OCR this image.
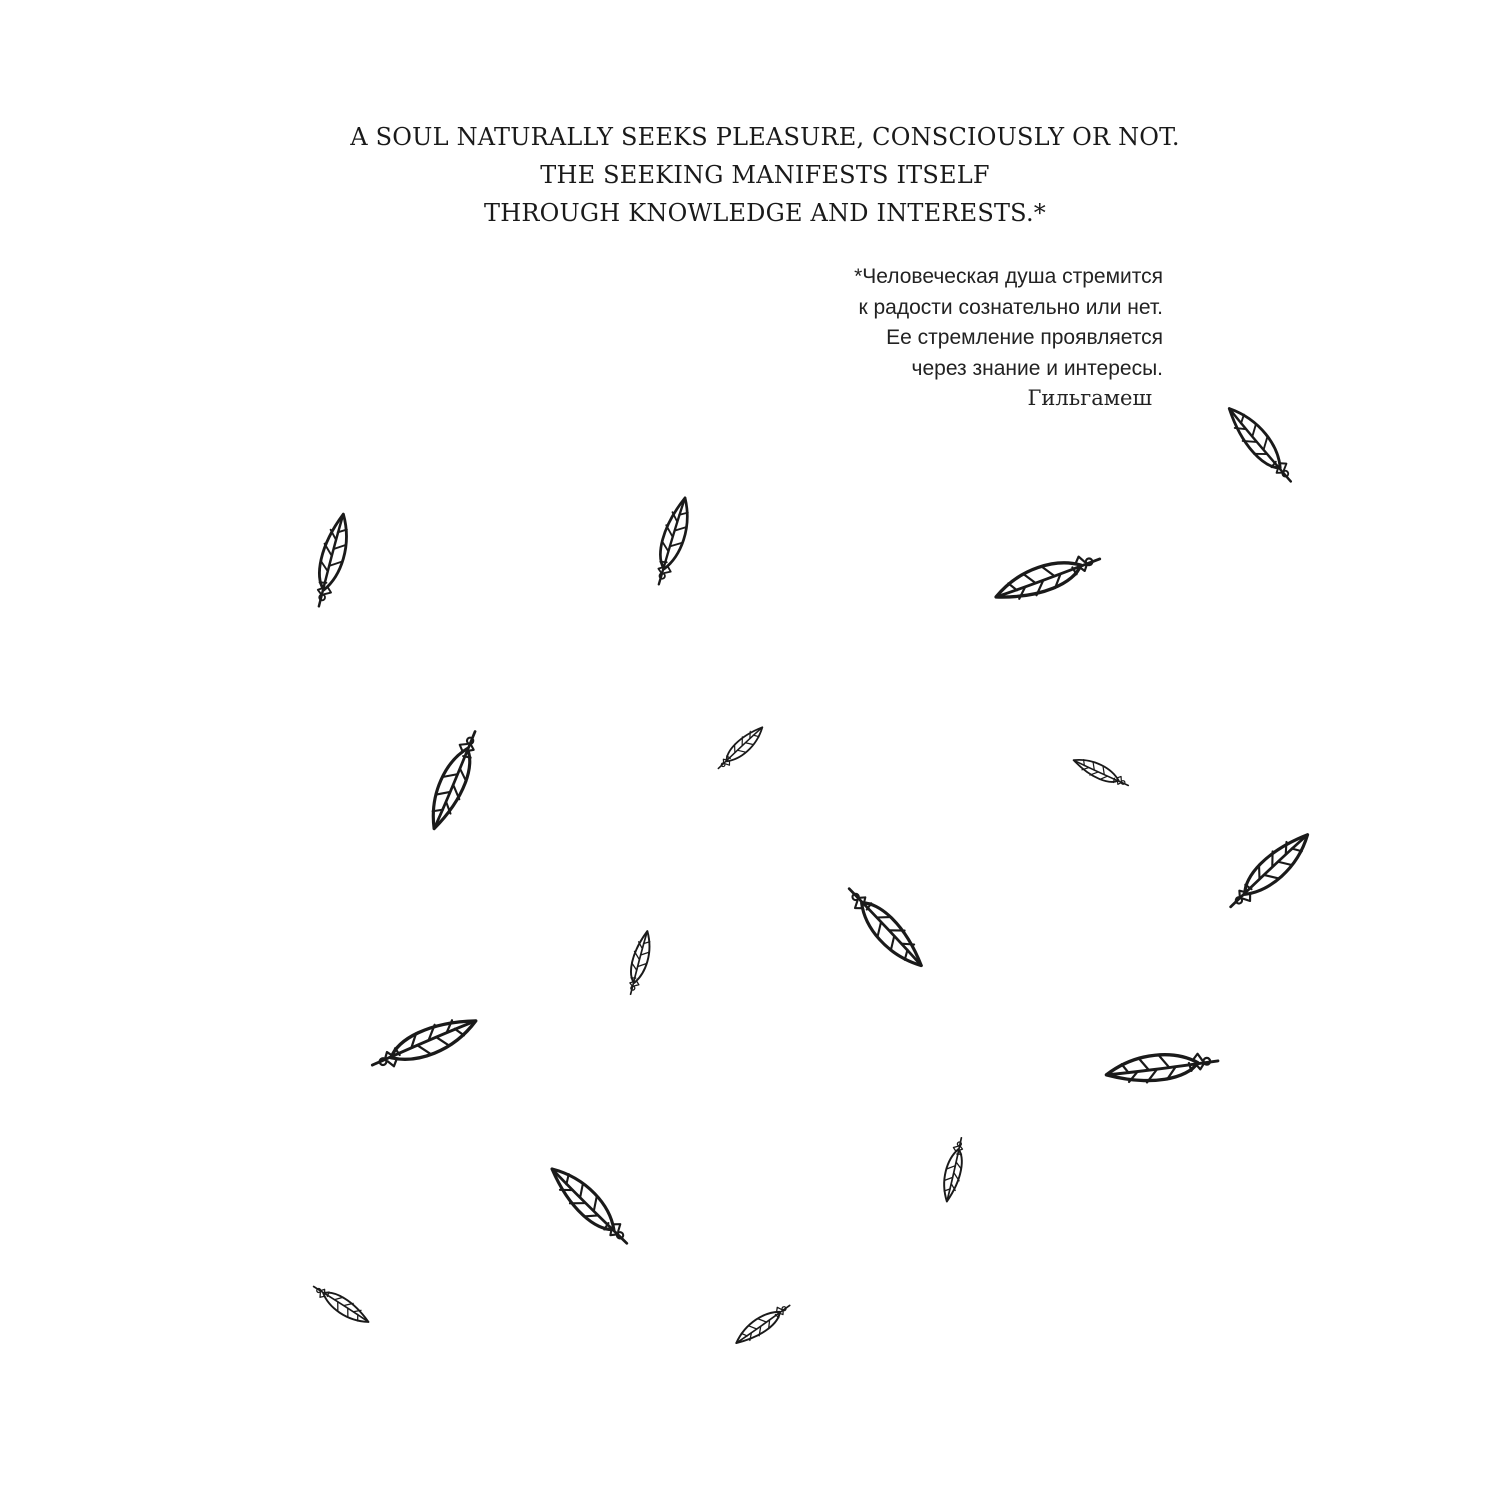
A SOUL NATURALLY SEEKS PLEASURE, CONSCIOUSLY OR NOT.
THE SEEKING MANIFESTS ITSELF
THROUGH KNOWLEDGE AND INTERESTS.*
*Человеческая душа стремится
к радости сознательно или нет.
Ее стремление проявляется
через знание и интересы.
Гильгамеш
